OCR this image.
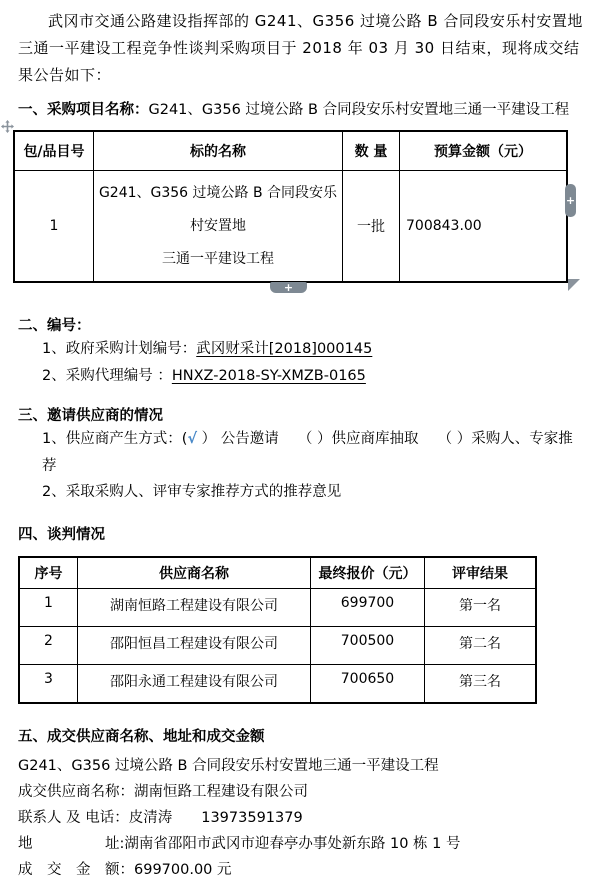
武冈市交通公路建设指挥部的 G241、G356 过境公路 B 合同段安乐村安置地三通一平建设工程竞争性谈判采购项目于 2018 年 03 月 30 日结束，现将成交结果公告如下：

一、采购项目名称：G241、G356 过境公路 B 合同段安乐村安置地三通一平建设工程
包/品目号	标的名称	数 量	预算金额（元）
1	G241、G356 过境公路 B 合同段安乐村安置地
三通一平建设工程	一批	700843.00
+
+
二、编号：

1、政府采购计划编号：武冈财采计[2018]000145

2、采购代理编号 ：HNXZ-2018-SY-XMZB-0165

三、邀请供应商的情况

1、供应商产生方式：(√ ） 公告邀请　 （ ）供应商库抽取　 （ ）采购人、专家推荐

2、采取采购人、评审专家推荐方式的推荐意见

四、谈判情况
序号	供应商名称	最终报价（元）	评审结果
1	湖南恒路工程建设有限公司	699700	第一名
2	邵阳恒昌工程建设有限公司	700500	第二名
3	邵阳永通工程建设有限公司	700650	第三名
五、成交供应商名称、地址和成交金额

G241、G356 过境公路 B 合同段安乐村安置地三通一平建设工程

成交供应商名称：湖南恒路工程建设有限公司

联系人 及 电话：皮清涛　　13973591379

地　　　　　址:湖南省邵阳市武冈市迎春亭办事处新东路 10 栋 1 号

成　交　金　额：699700.00 元
